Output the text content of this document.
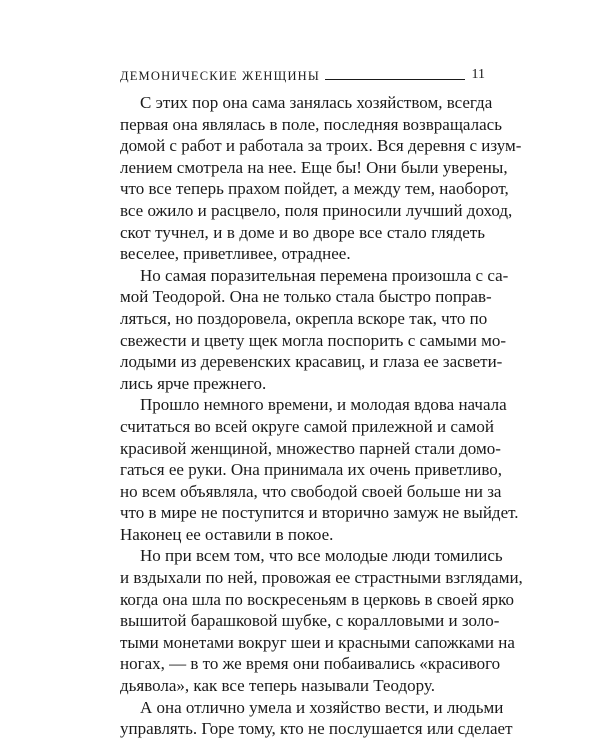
ДЕМОНИЧЕСКИЕ ЖЕНЩИНЫ	11

С этих пор она сама занялась хозяйством, всегда
первая она являлась в поле, последняя возвращалась
домой с работ и работала за троих. Вся деревня с изум-
лением смотрела на нее. Еще бы! Они были уверены,
что все теперь прахом пойдет, а между тем, наоборот,
все ожило и расцвело, поля приносили лучший доход,
скот тучнел, и в доме и во дворе все стало глядеть
веселее, приветливее, отраднее.

Но самая поразительная перемена произошла с са-
мой Теодорой. Она не только стала быстро поправ-
ляться, но поздоровела, окрепла вскоре так, что по
свежести и цвету щек могла поспорить с самыми мо-
лодыми из деревенских красавиц, и глаза ее засвети-
лись ярче прежнего.

Прошло немного времени, и молодая вдова начала
считаться во всей округе самой прилежной и самой
красивой женщиной, множество парней стали домо-
гаться ее руки. Она принимала их очень приветливо,
но всем объявляла, что свободой своей больше ни за
что в мире не поступится и вторично замуж не выйдет.
Наконец ее оставили в покое.

Но при всем том, что все молодые люди томились
и вздыхали по ней, провожая ее страстными взглядами,
когда она шла по воскресеньям в церковь в своей ярко
вышитой барашковой шубке, с коралловыми и золо-
тыми монетами вокруг шеи и красными сапожками на
ногах, — в то же время они побаивались «красивого
дьявола», как все теперь называли Теодору.

А она отлично умела и хозяйство вести, и людьми
управлять. Горе тому, кто не послушается или сделает
